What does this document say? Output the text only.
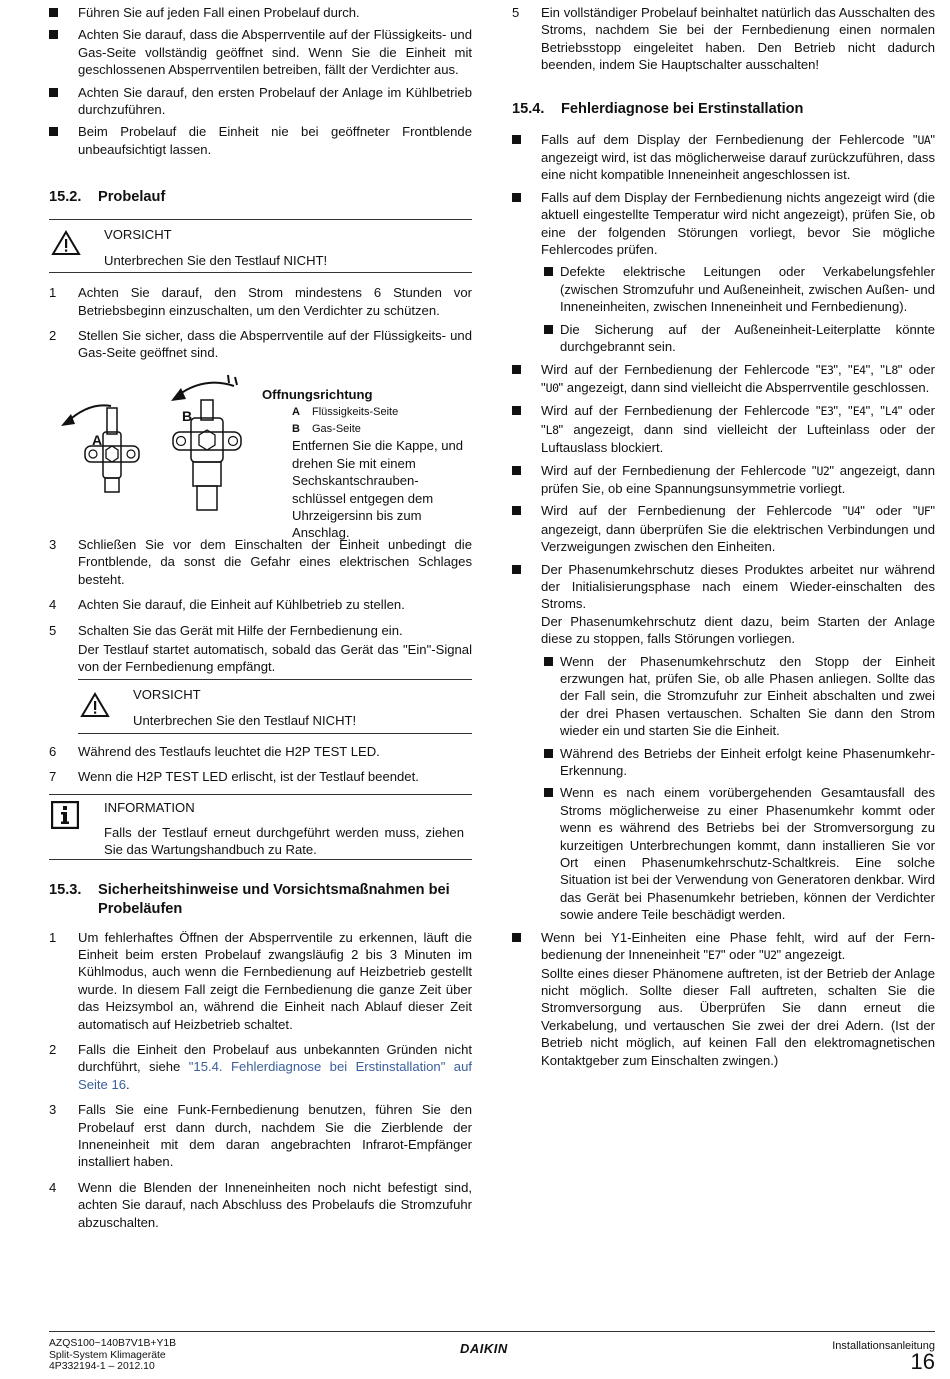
Führen Sie auf jeden Fall einen Probelauf durch.
Achten Sie darauf, dass die Absperrventile auf der Flüssigkeits- und Gas-Seite vollständig geöffnet sind. Wenn Sie die Einheit mit geschlossenen Absperrventilen betreiben, fällt der Verdichter aus.
Achten Sie darauf, den ersten Probelauf der Anlage im Kühlbetrieb durchzuführen.
Beim Probelauf die Einheit nie bei geöffneter Frontblende unbeaufsichtigt lassen.
15.2. Probelauf
VORSICHT
Unterbrechen Sie den Testlauf NICHT!
1 Achten Sie darauf, den Strom mindestens 6 Stunden vor Betriebsbeginn einzuschalten, um den Verdichter zu schützen.
2 Stellen Sie sicher, dass die Absperrventile auf der Flüssigkeits- und Gas-Seite geöffnet sind.
A
B
Offnungsrichtung
A Flüssigkeits-Seite
B Gas-Seite
Entfernen Sie die Kappe, und drehen Sie mit einem Sechskantschrauben-schlüssel entgegen dem Uhrzeigersinn bis zum Anschlag.
3 Schließen Sie vor dem Einschalten der Einheit unbedingt die Frontblende, da sonst die Gefahr eines elektrischen Schlages besteht.
4 Achten Sie darauf, die Einheit auf Kühlbetrieb zu stellen.
5 Schalten Sie das Gerät mit Hilfe der Fernbedienung ein.
Der Testlauf startet automatisch, sobald das Gerät das "Ein"-Signal von der Fernbedienung empfängt.
VORSICHT
Unterbrechen Sie den Testlauf NICHT!
6 Während des Testlaufs leuchtet die H2P TEST LED.
7 Wenn die H2P TEST LED erlischt, ist der Testlauf beendet.
INFORMATION
Falls der Testlauf erneut durchgeführt werden muss, ziehen Sie das Wartungshandbuch zu Rate.
15.3. Sicherheitshinweise und Vorsichtsmaßnahmen bei Probeläufen
1 Um fehlerhaftes Öffnen der Absperrventile zu erkennen, läuft die Einheit beim ersten Probelauf zwangsläufig 2 bis 3 Minuten im Kühlmodus, auch wenn die Fernbedienung auf Heizbetrieb gestellt wurde. In diesem Fall zeigt die Fernbedienung die ganze Zeit über das Heizsymbol an, während die Einheit nach Ablauf dieser Zeit automatisch auf Heizbetrieb schaltet.
2 Falls die Einheit den Probelauf aus unbekannten Gründen nicht durchführt, siehe "15.4. Fehlerdiagnose bei Erstinstallation" auf Seite 16.
3 Falls Sie eine Funk-Fernbedienung benutzen, führen Sie den Probelauf erst dann durch, nachdem Sie die Zierblende der Inneneinheit mit dem daran angebrachten Infrarot-Empfänger installiert haben.
4 Wenn die Blenden der Inneneinheiten noch nicht befestigt sind, achten Sie darauf, nach Abschluss des Probelaufs die Stromzufuhr abzuschalten.
5 Ein vollständiger Probelauf beinhaltet natürlich das Ausschalten des Stroms, nachdem Sie bei der Fernbedienung einen normalen Betriebsstopp eingeleitet haben. Den Betrieb nicht dadurch beenden, indem Sie Hauptschalter ausschalten!
15.4. Fehlerdiagnose bei Erstinstallation
Falls auf dem Display der Fernbedienung der Fehlercode "UA" angezeigt wird, ist das möglicherweise darauf zurückzuführen, dass eine nicht kompatible Inneneinheit angeschlossen ist.
Falls auf dem Display der Fernbedienung nichts angezeigt wird (die aktuell eingestellte Temperatur wird nicht angezeigt), prüfen Sie, ob eine der folgenden Störungen vorliegt, bevor Sie mögliche Fehlercodes prüfen.
Defekte elektrische Leitungen oder Verkabelungsfehler (zwischen Stromzufuhr und Außeneinheit, zwischen Außen- und Inneneinheiten, zwischen Inneneinheit und Fernbedienung).
Die Sicherung auf der Außeneinheit-Leiterplatte könnte durchgebrannt sein.
Wird auf der Fernbedienung der Fehlercode "E3", "E4", "L8" oder "U0" angezeigt, dann sind vielleicht die Absperrventile geschlossen.
Wird auf der Fernbedienung der Fehlercode "E3", "E4", "L4" oder "L8" angezeigt, dann sind vielleicht der Lufteinlass oder der Luftauslass blockiert.
Wird auf der Fernbedienung der Fehlercode "U2" angezeigt, dann prüfen Sie, ob eine Spannungsunsymmetrie vorliegt.
Wird auf der Fernbedienung der Fehlercode "U4" oder "UF" angezeigt, dann überprüfen Sie die elektrischen Verbindungen und Verzweigungen zwischen den Einheiten.
Der Phasenumkehrschutz dieses Produktes arbeitet nur während der Initialisierungsphase nach einem Wieder-einschalten des Stroms.
Der Phasenumkehrschutz dient dazu, beim Starten der Anlage diese zu stoppen, falls Störungen vorliegen.
Wenn der Phasenumkehrschutz den Stopp der Einheit erzwungen hat, prüfen Sie, ob alle Phasen anliegen. Sollte das der Fall sein, die Stromzufuhr zur Einheit abschalten und zwei der drei Phasen vertauschen. Schalten Sie dann den Strom wieder ein und starten Sie die Einheit.
Während des Betriebs der Einheit erfolgt keine Phasenumkehr-Erkennung.
Wenn es nach einem vorübergehenden Gesamtausfall des Stroms möglicherweise zu einer Phasenumkehr kommt oder wenn es während des Betriebs bei der Stromversorgung zu kurzeitigen Unterbrechungen kommt, dann installieren Sie vor Ort einen Phasenumkehrschutz-Schaltkreis. Eine solche Situation ist bei der Verwendung von Generatoren denkbar. Wird das Gerät bei Phasenumkehr betrieben, können der Verdichter sowie andere Teile beschädigt werden.
Wenn bei Y1-Einheiten eine Phase fehlt, wird auf der Fern-bedienung der Inneneinheit "E7" oder "U2" angezeigt.
Sollte eines dieser Phänomene auftreten, ist der Betrieb der Anlage nicht möglich. Sollte dieser Fall auftreten, schalten Sie die Stromversorgung aus. Überprüfen Sie dann erneut die Verkabelung, und vertauschen Sie zwei der drei Adern. (Ist der Betrieb nicht möglich, auf keinen Fall den elektromagnetischen Kontaktgeber zum Einschalten zwingen.)
AZQS100~140B7V1B+Y1B
Split-System Klimageräte
4P332194-1 – 2012.10
DAIKIN	Installationsanleitung
16
